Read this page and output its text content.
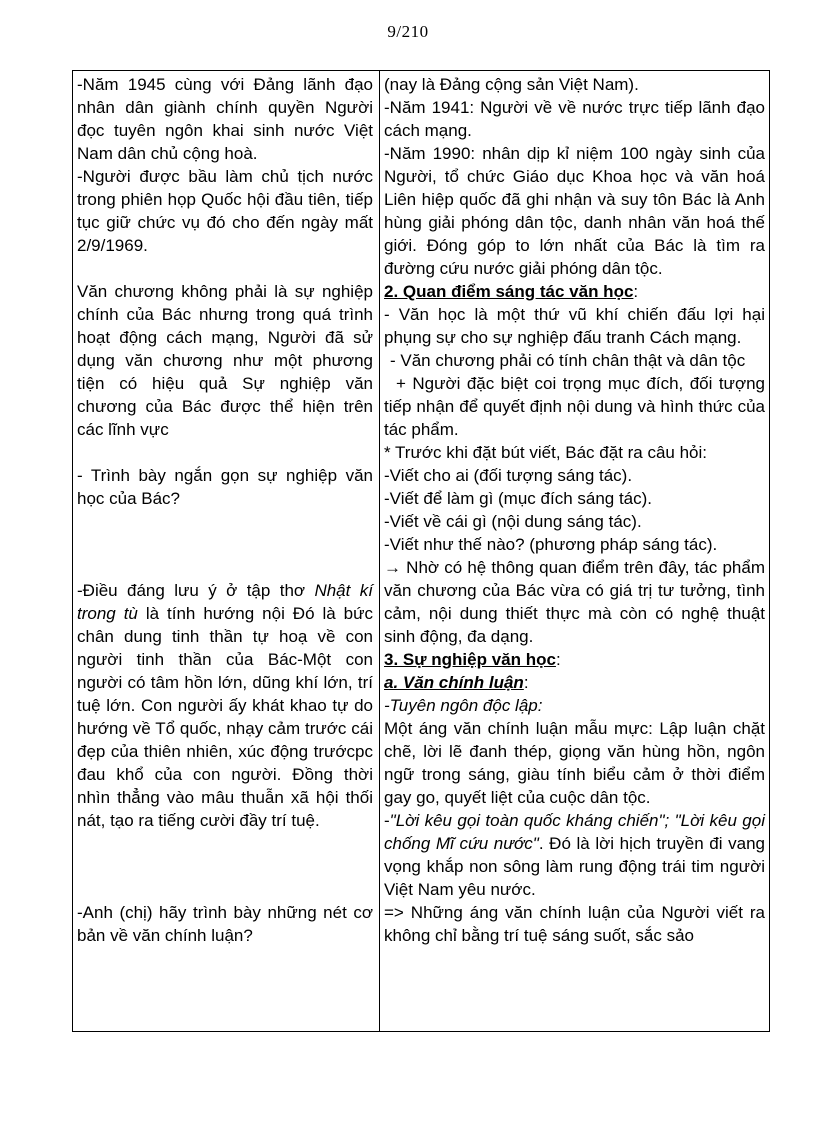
9/210

-Năm 1945 cùng với Đảng lãnh đạo nhân dân giành chính quyền Người đọc tuyên ngôn khai sinh nước Việt Nam dân chủ cộng hoà.

-Người được bầu làm chủ tịch nước trong phiên họp Quốc hội đầu tiên, tiếp tục giữ chức vụ đó cho đến ngày mất 2/9/1969.

Văn chương không phải là sự nghiệp chính của Bác nhưng trong quá trình hoạt động cách mạng, Người đã sử dụng văn chương như một phương tiện có hiệu quả Sự nghiệp văn chương của Bác được thể hiện trên các lĩnh vực

- Trình bày ngắn gọn sự nghiệp văn học của Bác?

-Điều đáng lưu ý ở tập thơ Nhật kí trong tù là tính hướng nội Đó là bức chân dung tinh thần tự hoạ về con người tinh thần của Bác-Một con người có tâm hồn lớn, dũng khí lớn, trí tuệ lớn. Con người ấy khát khao tự do hướng về Tổ quốc, nhạy cảm trước cái đẹp của thiên nhiên, xúc động trướcpc đau khổ của con người. Đồng thời nhìn thẳng vào mâu thuẫn xã hội thối nát, tạo ra tiếng cười đầy trí tuệ.

-Anh (chị) hãy trình bày những nét cơ bản về văn chính luận?

(nay là Đảng cộng sản Việt Nam).

-Năm 1941: Người về về nước trực tiếp lãnh đạo cách mạng.

-Năm 1990: nhân dịp kỉ niệm 100 ngày sinh của Người, tổ chức Giáo dục Khoa học và văn hoá Liên hiệp quốc đã ghi nhận và suy tôn Bác là Anh hùng giải phóng dân tộc, danh nhân văn hoá thế giới. Đóng góp to lớn nhất của Bác là tìm ra đường cứu nước giải phóng dân tộc.

2. Quan điểm sáng tác văn học:

- Văn học là một thứ vũ khí chiến đấu lợi hại phụng sự cho sự nghiệp đấu tranh Cách mạng.

- Văn chương phải có tính chân thật và dân tộc

+ Người đặc biệt coi trọng mục đích, đối tượng tiếp nhận để quyết định nội dung và hình thức của tác phẩm.

* Trước khi đặt bút viết, Bác đặt ra câu hỏi:

-Viết cho ai (đối tượng sáng tác).

-Viết để làm gì (mục đích sáng tác).

-Viết về cái gì (nội dung sáng tác).

-Viết như thế nào? (phương pháp sáng tác).

→ Nhờ có hệ thông quan điểm trên đây, tác phẩm văn chương của Bác vừa có giá trị tư tưởng, tình cảm, nội dung thiết thực mà còn có nghệ thuật sinh động, đa dạng.

3. Sự nghiệp văn học:

a. Văn chính luận:

-Tuyên ngôn độc lập:

Một áng văn chính luận mẫu mực: Lập luận chặt chẽ, lời lẽ đanh thép, giọng văn hùng hồn, ngôn ngữ trong sáng, giàu tính biểu cảm ở thời điểm gay go, quyết liệt của cuộc dân tộc.

-"Lời kêu gọi toàn quốc kháng chiến"; "Lời kêu gọi chống Mĩ cứu nước". Đó là lời hịch truyền đi vang vọng khắp non sông làm rung động trái tim người Việt Nam yêu nước.

=> Những áng văn chính luận của Người viết ra không chỉ bằng trí tuệ sáng suốt, sắc sảo
